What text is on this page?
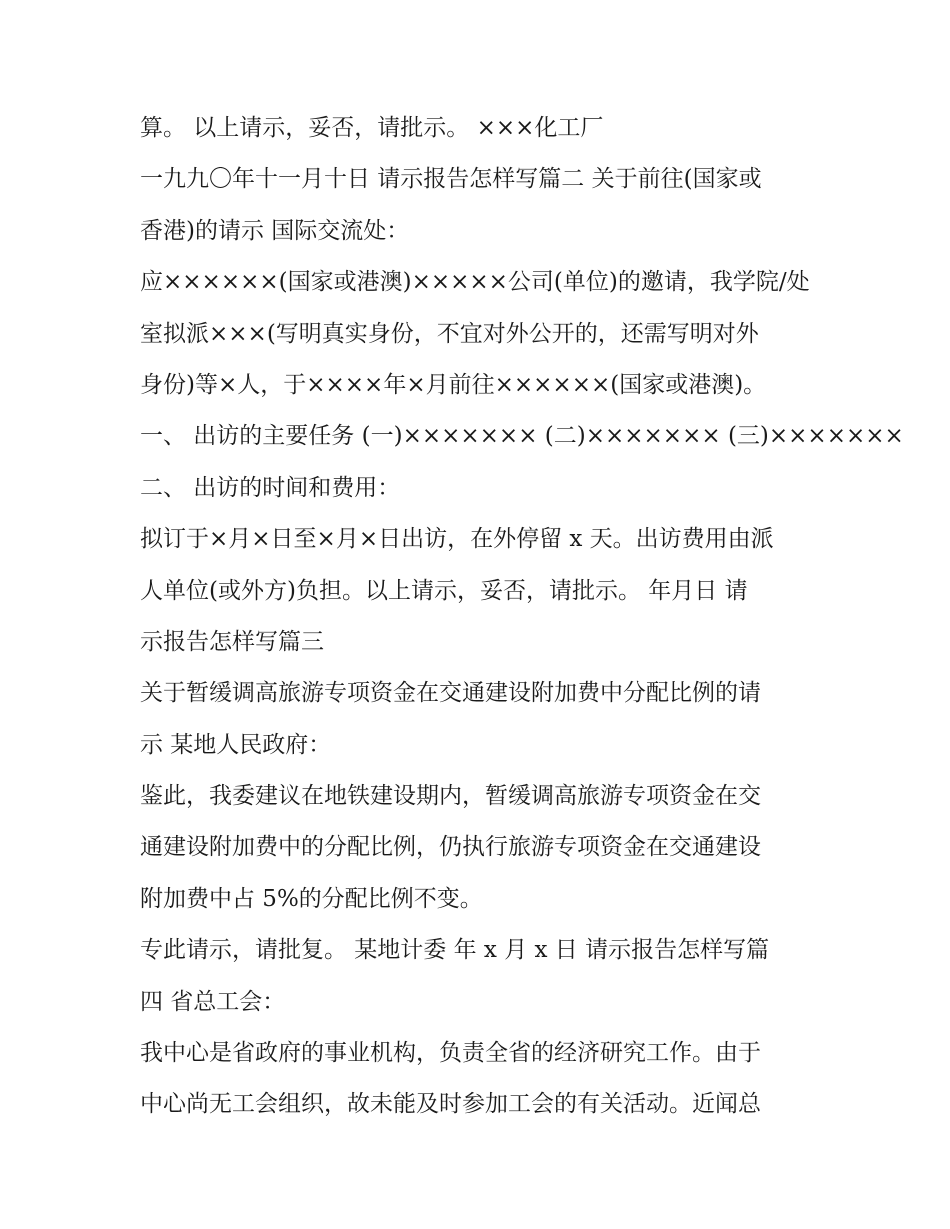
算。 以上请示，妥否，请批示。 ×××化工厂
一九九〇年十一月十日 请示报告怎样写篇二 关于前往(国家或
香港)的请示 国际交流处：
应××××××(国家或港澳)×××××公司(单位)的邀请，我学院/处
室拟派×××(写明真实身份，不宜对外公开的，还需写明对外
身份)等×人，于××××年×月前往××××××(国家或港澳)。
一、 出访的主要任务 (一)××××××× (二)××××××× (三)×××××××
二、 出访的时间和费用：
拟订于×月×日至×月×日出访，在外停留 x 天。出访费用由派
人单位(或外方)负担。以上请示，妥否，请批示。 年月日 请
示报告怎样写篇三
关于暂缓调高旅游专项资金在交通建设附加费中分配比例的请
示 某地人民政府：
鉴此，我委建议在地铁建设期内，暂缓调高旅游专项资金在交
通建设附加费中的分配比例，仍执行旅游专项资金在交通建设
附加费中占 5%的分配比例不变。
专此请示，请批复。 某地计委 年 x 月 x 日 请示报告怎样写篇
四 省总工会：
我中心是省政府的事业机构，负责全省的经济研究工作。由于
中心尚无工会组织，故未能及时参加工会的有关活动。近闻总
